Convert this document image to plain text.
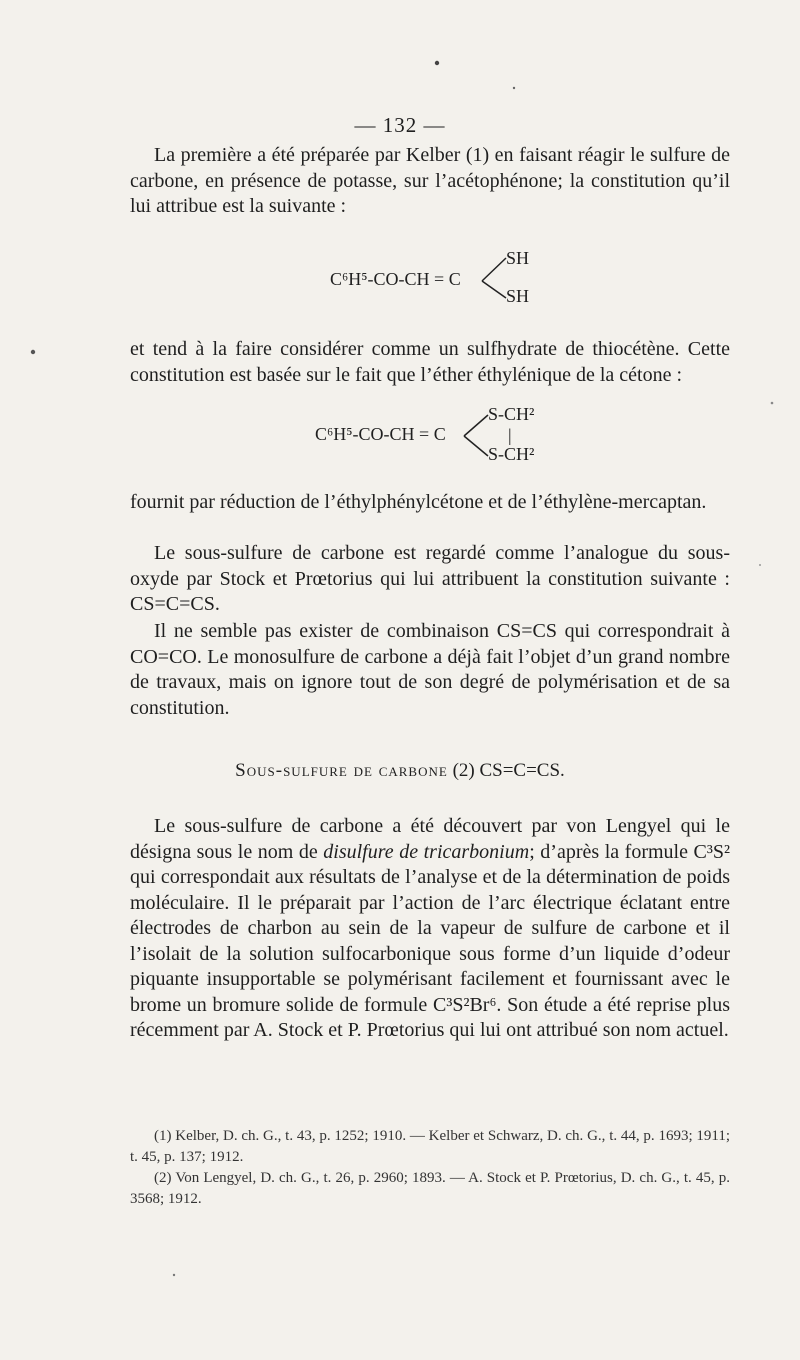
— 132 —

La première a été préparée par Kelber (1) en faisant réagir le sulfure de carbone, en présence de potasse, sur l’acétophénone; la constitution qu’il lui attribue est la suivante :

C⁶H⁵-CO-CH = C
SH
SH

et tend à la faire considérer comme un sulfhydrate de thiocétène. Cette constitution est basée sur le fait que l’éther éthylénique de la cétone :

C⁶H⁵-CO-CH = C
S-CH²
|
S-CH²

fournit par réduction de l’éthylphénylcétone et de l’éthylène-mercaptan.

Le sous-sulfure de carbone est regardé comme l’analogue du sous-oxyde par Stock et Prœtorius qui lui attribuent la constitution suivante : CS=C=CS.

Il ne semble pas exister de combinaison CS=CS qui correspondrait à CO=CO. Le monosulfure de carbone a déjà fait l’objet d’un grand nombre de travaux, mais on ignore tout de son degré de polymérisation et de sa constitution.

Sous-sulfure de carbone (2) CS=C=CS.

Le sous-sulfure de carbone a été découvert par von Lengyel qui le désigna sous le nom de disulfure de tricarbonium; d’après la formule C³S² qui correspondait aux résultats de l’analyse et de la détermination de poids moléculaire. Il le préparait par l’action de l’arc électrique éclatant entre électrodes de charbon au sein de la vapeur de sulfure de carbone et il l’isolait de la solution sulfocarbonique sous forme d’un liquide d’odeur piquante insupportable se polymérisant facilement et fournissant avec le brome un bromure solide de formule C³S²Br⁶. Son étude a été reprise plus récemment par A. Stock et P. Prœtorius qui lui ont attribué son nom actuel.

(1) Kelber, D. ch. G., t. 43, p. 1252; 1910. — Kelber et Schwarz, D. ch. G., t. 44, p. 1693; 1911; t. 45, p. 137; 1912.

(2) Von Lengyel, D. ch. G., t. 26, p. 2960; 1893. — A. Stock et P. Prœtorius, D. ch. G., t. 45, p. 3568; 1912.
